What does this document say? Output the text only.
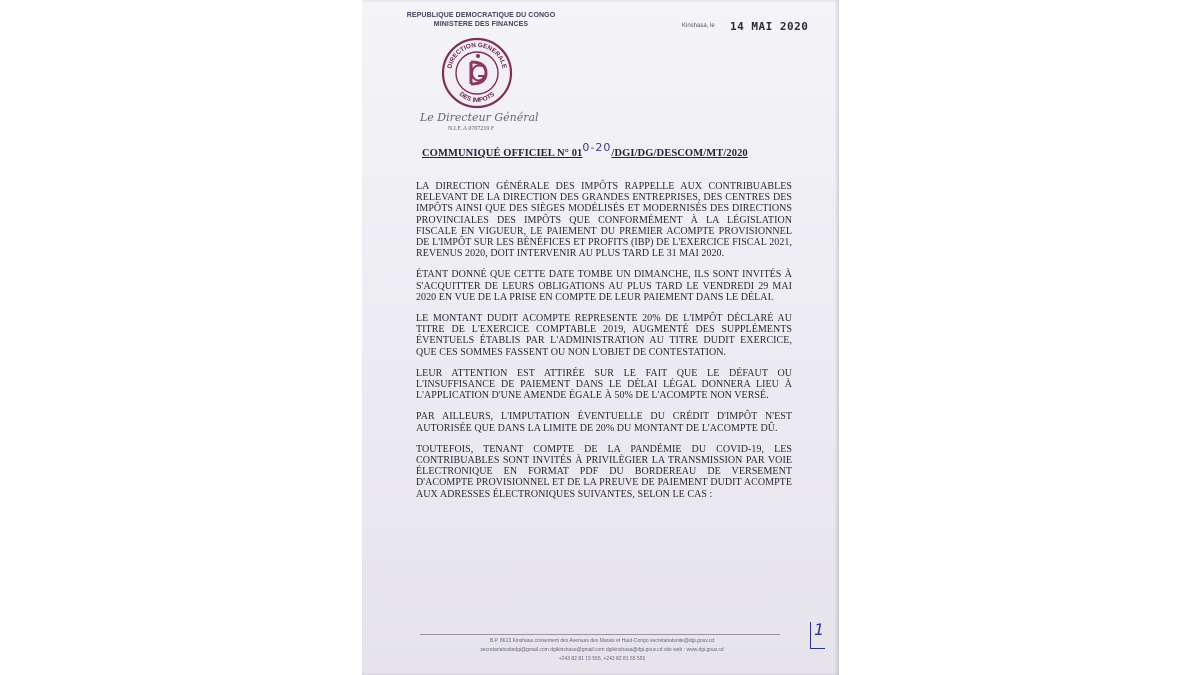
REPUBLIQUE DEMOCRATIQUE DU CONGO
MINISTERE DES FINANCES	Kinshasa, le 14 MAI 2020
DIRECTION GENERALE
DES IMPOTS
Le Directeur Général
N.I.F. A 0707219 F
COMMUNIQUÉ OFFICIEL N° 010-20/DGI/DG/DESCOM/MT/2020

LA DIRECTION GÉNÉRALE DES IMPÔTS RAPPELLE AUX CONTRIBUABLES RELEVANT DE LA DIRECTION DES GRANDES ENTREPRISES, DES CENTRES DES IMPÔTS AINSI QUE DES SIÈGES MODÉLISÉS ET MODERNISÉS DES DIRECTIONS PROVINCIALES DES IMPÔTS QUE CONFORMÉMENT À LA LÉGISLATION FISCALE EN VIGUEUR, LE PAIEMENT DU PREMIER ACOMPTE PROVISIONNEL DE L'IMPÔT SUR LES BÉNÉFICES ET PROFITS (IBP) DE L'EXERCICE FISCAL 2021, REVENUS 2020, DOIT INTERVENIR AU PLUS TARD LE 31 MAI 2020.

ÉTANT DONNÉ QUE CETTE DATE TOMBE UN DIMANCHE, ILS SONT INVITÉS À S'ACQUITTER DE LEURS OBLIGATIONS AU PLUS TARD LE VENDREDI 29 MAI 2020 EN VUE DE LA PRISE EN COMPTE DE LEUR PAIEMENT DANS LE DÉLAI.

LE MONTANT DUDIT ACOMPTE REPRESENTE 20% DE L'IMPÔT DÉCLARÉ AU TITRE DE L'EXERCICE COMPTABLE 2019, AUGMENTÉ DES SUPPLÉMENTS ÉVENTUELS ÉTABLIS PAR L'ADMINISTRATION AU TITRE DUDIT EXERCICE, QUE CES SOMMES FASSENT OU NON L'OBJET DE CONTESTATION.

LEUR ATTENTION EST ATTIRÉE SUR LE FAIT QUE LE DÉFAUT OU L'INSUFFISANCE DE PAIEMENT DANS LE DÉLAI LÉGAL DONNERA LIEU À L'APPLICATION D'UNE AMENDE ÉGALE À 50% DE L'ACOMPTE NON VERSÉ.

PAR AILLEURS, L'IMPUTATION ÉVENTUELLE DU CRÉDIT D'IMPÔT N'EST AUTORISÉE QUE DANS LA LIMITE DE 20% DU MONTANT DE L'ACOMPTE DÛ.

TOUTEFOIS, TENANT COMPTE DE LA PANDÉMIE DU COVID-19, LES CONTRIBUABLES SONT INVITÉS À PRIVILÉGIER LA TRANSMISSION PAR VOIE ÉLECTRONIQUE EN FORMAT PDF DU BORDEREAU DE VERSEMENT D'ACOMPTE PROVISIONNEL ET DE LA PREUVE DE PAIEMENT DUDIT ACOMPTE AUX ADRESSES ÉLECTRONIQUES SUIVANTES, SELON LE CAS :

B.P. 8613 Kinshasa croisement des Avenues des Marais et Haut-Congo secretariatsoite@dgi.gouv.cd
secretariatcoitedgi@gmail.com dgikinshasa@gmail.com dgikinshasa@dgi.gouv.cd site web : www.dgi.gouv.cd
+243 82 81 15 555, +243 82 81 55 555
1
